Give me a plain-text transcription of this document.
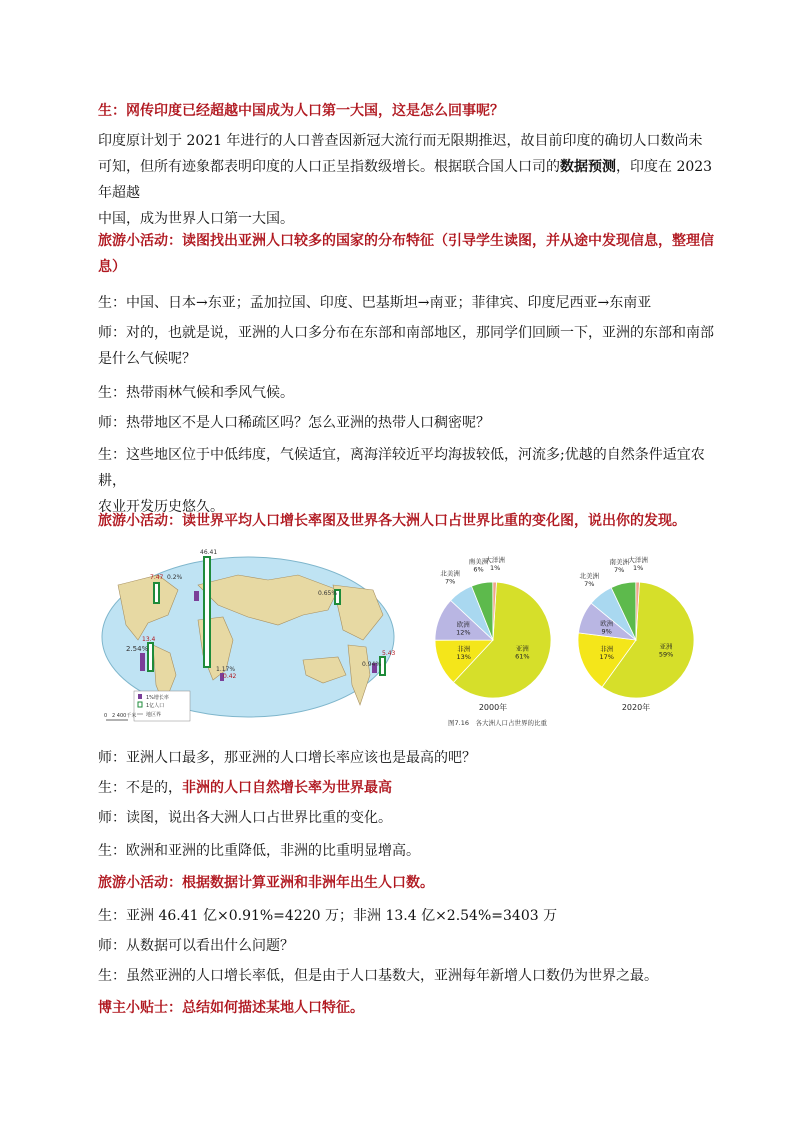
生：网传印度已经超越中国成为人口第一大国，这是怎么回事呢？
印度原计划于 2021 年进行的人口普查因新冠大流行而无限期推迟，故目前印度的确切人口数尚未
可知，但所有迹象都表明印度的人口正呈指数级增长。根据联合国人口司的数据预测，印度在 2023 年超越
中国，成为世界人口第一大国。
旅游小活动：读图找出亚洲人口较多的国家的分布特征（引导学生读图，并从途中发现信息，整理信
息）
生：中国、日本→东亚；孟加拉国、印度、巴基斯坦→南亚；菲律宾、印度尼西亚→东南亚
师：对的，也就是说，亚洲的人口多分布在东部和南部地区，那同学们回顾一下，亚洲的东部和南部
是什么气候呢？
生：热带雨林气候和季风气候。
师：热带地区不是人口稀疏区吗？怎么亚洲的热带人口稠密呢？
生：这些地区位于中低纬度，气候适宜，离海洋较近平均海拔较低，河流多;优越的自然条件适宜农耕，
农业开发历史悠久。
旅游小活动：读世界平均人口增长率图及世界各大洲人口占世界比重的变化图，说出你的发现。
46.41
2.54%
13.4
1.17%
0.42
0.65%
7.47
0.94%
5.43
0.2%
1%增长率
1亿人口
地区界
0 2 400千米
亚洲
61%
非洲
13%
欧洲
12%
北美洲
7%
南美洲
6%
大洋洲
1%
2000年
亚洲
59%
非洲
17%
欧洲
9%
北美洲
7%
南美洲
7%
大洋洲
1%
2020年
图7.16　各大洲人口占世界的比重
师：亚洲人口最多，那亚洲的人口增长率应该也是最高的吧？
生：不是的，非洲的人口自然增长率为世界最高
师：读图，说出各大洲人口占世界比重的变化。
生：欧洲和亚洲的比重降低，非洲的比重明显增高。
旅游小活动：根据数据计算亚洲和非洲年出生人口数。
生：亚洲 46.41 亿×0.91%=4220 万；非洲 13.4 亿×2.54%=3403 万
师：从数据可以看出什么问题？
生：虽然亚洲的人口增长率低，但是由于人口基数大，亚洲每年新增人口数仍为世界之最。
博主小贴士：总结如何描述某地人口特征。
